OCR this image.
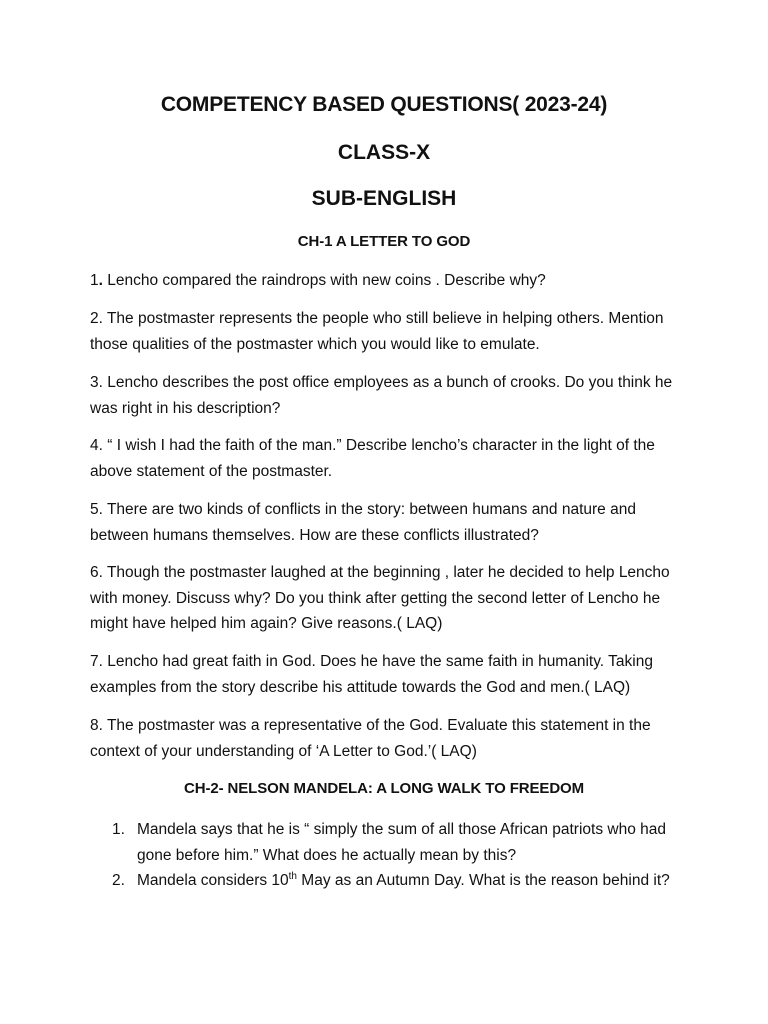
COMPETENCY BASED QUESTIONS( 2023-24)
CLASS-X
SUB-ENGLISH
CH-1 A LETTER TO GOD

1. Lencho compared the raindrops with new coins . Describe why?

2. The postmaster represents the people who still believe in helping others. Mention those qualities of the postmaster which you would like to emulate.

3. Lencho describes the post office employees as a bunch of crooks. Do you think he was right in his description?

4. “ I wish I had the faith of the man.” Describe lencho’s character in the light of the above statement of the postmaster.

5. There are two kinds of conflicts in the story: between humans and nature and between humans themselves. How are these conflicts illustrated?

6. Though the postmaster laughed at the beginning , later he decided to help Lencho with money. Discuss why? Do you think after getting the second letter of Lencho he might have helped him again? Give reasons.( LAQ)

7. Lencho had great faith in God. Does he have the same faith in humanity. Taking examples from the story describe his attitude towards the God and men.( LAQ)

8. The postmaster was a representative of the God. Evaluate this statement in the context of your understanding of ‘A Letter to God.’( LAQ)

CH-2- NELSON MANDELA: A LONG WALK TO FREEDOM
1. Mandela says that he is “ simply the sum of all those African patriots who had gone before him.” What does he actually mean by this?
2. Mandela considers 10th May as an Autumn Day. What is the reason behind it?
